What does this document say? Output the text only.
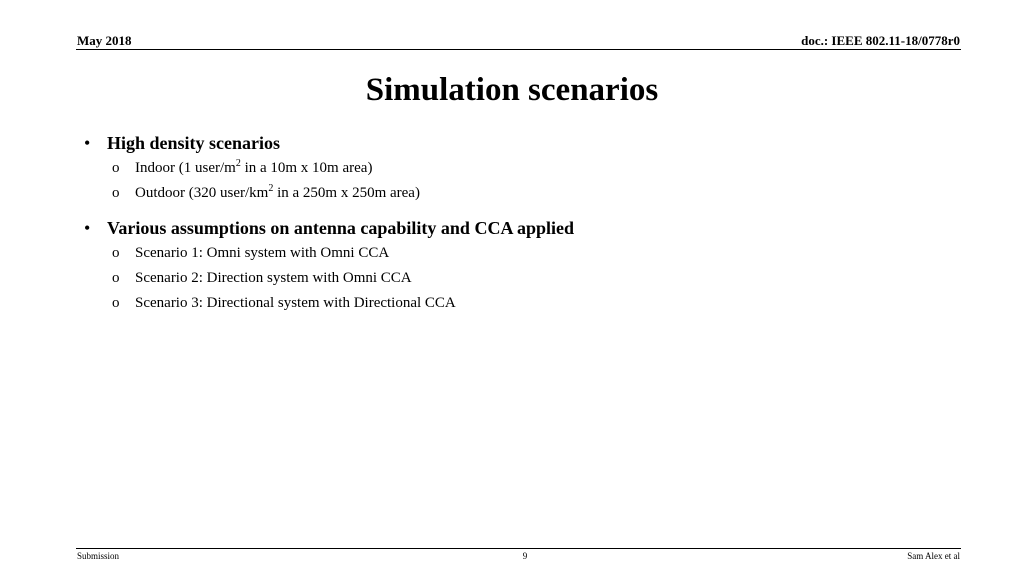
May 2018	doc.: IEEE 802.11-18/0778r0
Simulation scenarios
• High density scenarios
o Indoor (1 user/$m^2$ in a 10m x 10m area)
o Outdoor (320 user/$km^2$ in a 250m x 250m area)
• Various assumptions on antenna capability and CCA applied
o Scenario 1: Omni system with Omni CCA
o Scenario 2: Direction system with Omni CCA
o Scenario 3: Directional system with Directional CCA
Submission	9	Sam Alex et al
